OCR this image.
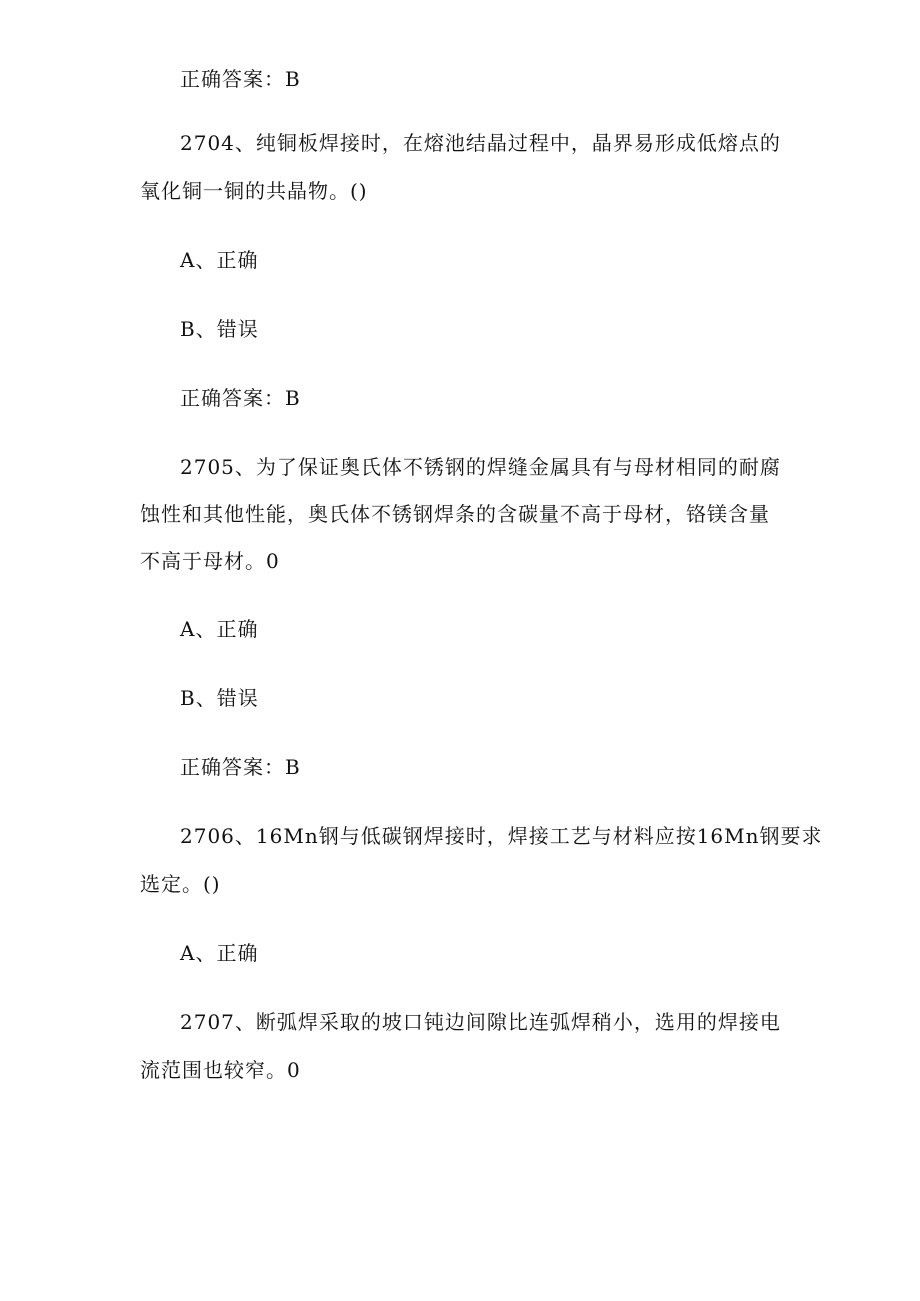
正确答案：B
2704、纯铜板焊接时，在熔池结晶过程中，晶界易形成低熔点的
氧化铜一铜的共晶物。()
A、正确
B、错误
正确答案：B
2705、为了保证奥氏体不锈钢的焊缝金属具有与母材相同的耐腐
蚀性和其他性能，奥氏体不锈钢焊条的含碳量不高于母材，铬镁含量
不高于母材。0
A、正确
B、错误
正确答案：B
2706、16Mn钢与低碳钢焊接时，焊接工艺与材料应按16Mn钢要求
选定。()
A、正确
2707、断弧焊采取的坡口钝边间隙比连弧焊稍小，选用的焊接电
流范围也较窄。0
